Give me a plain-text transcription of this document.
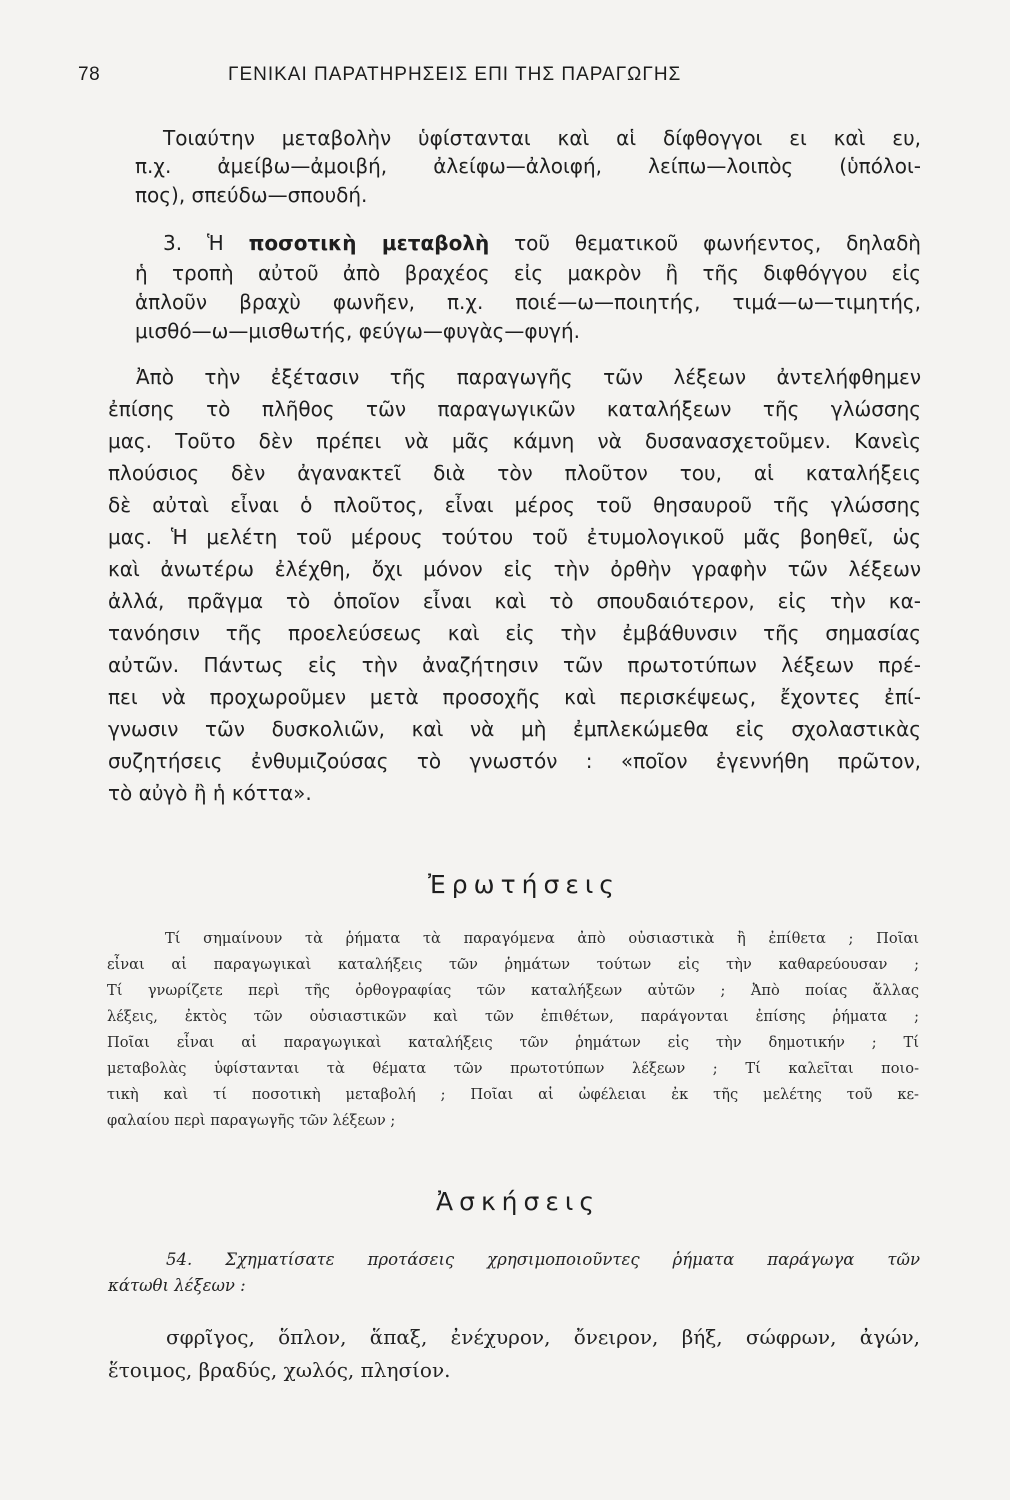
78	ΓΕΝΙΚΑΙ ΠΑΡΑΤΗΡΗΣΕΙΣ ΕΠΙ ΤΗΣ ΠΑΡΑΓΩΓΗΣ
Τοιαύτην μεταβολὴν ὑφίστανται καὶ αἱ δίφθογγοι ει καὶ ευ,
π.χ. ἀμείβω—ἀμοιβή, ἀλείφω—ἀλοιφή, λείπω—λοιπὸς (ὑπόλοι-
πος), σπεύδω—σπουδή.
3. Ἡ ποσοτικὴ μεταβολὴ τοῦ θεματικοῦ φωνήεντος, δηλαδὴ
ἡ τροπὴ αὐτοῦ ἀπὸ βραχέος εἰς μακρὸν ἢ τῆς διφθόγγου εἰς
ἁπλοῦν βραχὺ φωνῆεν, π.χ. ποιέ—ω—ποιητής, τιμά—ω—τιμητής,
μισθό—ω—μισθωτής, φεύγω—φυγὰς—φυγή.
Ἀπὸ τὴν ἐξέτασιν τῆς παραγωγῆς τῶν λέξεων ἀντελήφθημεν
ἐπίσης τὸ πλῆθος τῶν παραγωγικῶν καταλήξεων τῆς γλώσσης
μας. Τοῦτο δὲν πρέπει νὰ μᾶς κάμνη νὰ δυσανασχετοῦμεν. Κανεὶς
πλούσιος δὲν ἀγανακτεῖ διὰ τὸν πλοῦτον του, αἱ καταλήξεις
δὲ αὐταὶ εἶναι ὁ πλοῦτος, εἶναι μέρος τοῦ θησαυροῦ τῆς γλώσσης
μας. Ἡ μελέτη τοῦ μέρους τούτου τοῦ ἐτυμολογικοῦ μᾶς βοηθεῖ, ὡς
καὶ ἀνωτέρω ἐλέχθη, ὄχι μόνον εἰς τὴν ὀρθὴν γραφὴν τῶν λέξεων
ἀλλά, πρᾶγμα τὸ ὁποῖον εἶναι καὶ τὸ σπουδαιότερον, εἰς τὴν κα-
τανόησιν τῆς προελεύσεως καὶ εἰς τὴν ἐμβάθυνσιν τῆς σημασίας
αὐτῶν. Πάντως εἰς τὴν ἀναζήτησιν τῶν πρωτοτύπων λέξεων πρέ-
πει νὰ προχωροῦμεν μετὰ προσοχῆς καὶ περισκέψεως, ἔχοντες ἐπί-
γνωσιν τῶν δυσκολιῶν, καὶ νὰ μὴ ἐμπλεκώμεθα εἰς σχολαστικὰς
συζητήσεις ἐνθυμιζούσας τὸ γνωστόν : «ποῖον ἐγεννήθη πρῶτον,
τὸ αὐγὸ ἢ ἡ κόττα».
Ἐρωτήσεις
Τί σημαίνουν τὰ ῥήματα τὰ παραγόμενα ἀπὸ οὐσιαστικὰ ἢ ἐπίθετα ; Ποῖαι
εἶναι αἱ παραγωγικαὶ καταλήξεις τῶν ῥημάτων τούτων εἰς τὴν καθαρεύουσαν ;
Τί γνωρίζετε περὶ τῆς ὀρθογραφίας τῶν καταλήξεων αὐτῶν ; Ἀπὸ ποίας ἄλλας
λέξεις, ἐκτὸς τῶν οὐσιαστικῶν καὶ τῶν ἐπιθέτων, παράγονται ἐπίσης ῥήματα ;
Ποῖαι εἶναι αἱ παραγωγικαὶ καταλήξεις τῶν ῥημάτων εἰς τὴν δημοτικήν ; Τί
μεταβολὰς ὑφίστανται τὰ θέματα τῶν πρωτοτύπων λέξεων ; Τί καλεῖται ποιο-
τικὴ καὶ τί ποσοτικὴ μεταβολή ; Ποῖαι αἱ ὠφέλειαι ἐκ τῆς μελέτης τοῦ κε-
φαλαίου περὶ παραγωγῆς τῶν λέξεων ;
Ἀσκήσεις
54. Σχηματίσατε προτάσεις χρησιμοποιοῦντες ῥήματα παράγωγα τῶν
κάτωθι λέξεων :
σφρῖγος, ὅπλον, ἅπαξ, ἐνέχυρον, ὄνειρον, βήξ, σώφρων, ἀγών,
ἕτοιμος, βραδύς, χωλός, πλησίον.
